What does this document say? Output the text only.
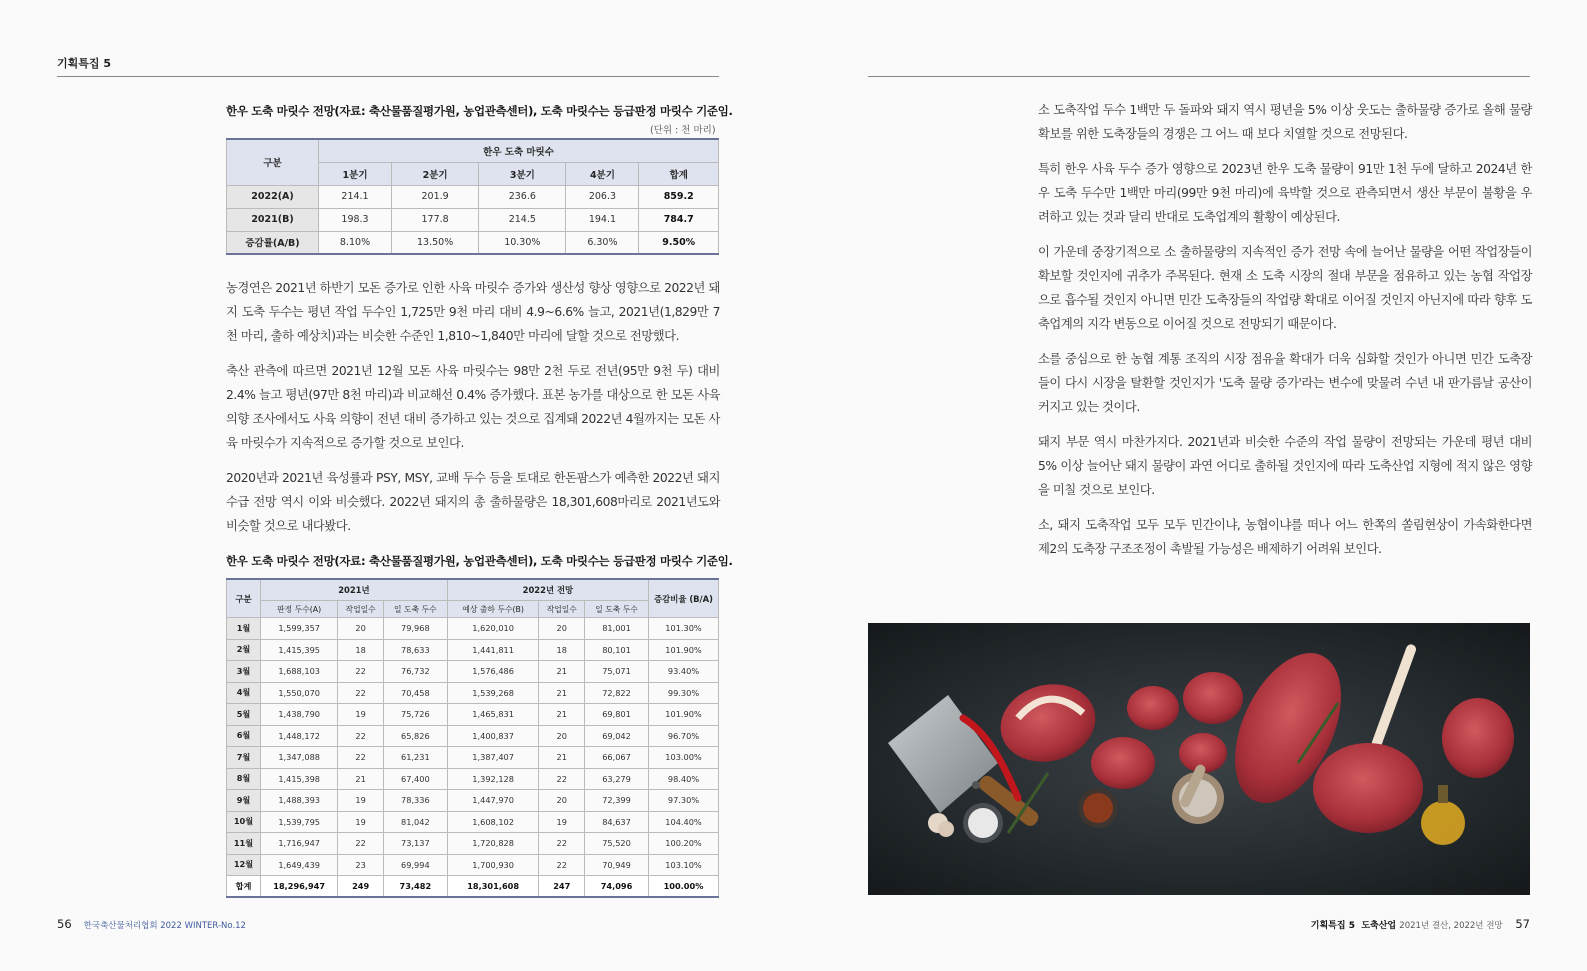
기획특집 5
한우 도축 마릿수 전망(자료: 축산물품질평가원, 농업관측센터), 도축 마릿수는 등급판정 마릿수 기준임.
(단위 : 천 마리)
구분	한우 도축 마릿수				
	1분기	2분기	3분기	4분기	합계
2022(A)	214.1	201.9	236.6	206.3	859.2
2021(B)	198.3	177.8	214.5	194.1	784.7
증감률(A/B)	8.10%	13.50%	10.30%	6.30%	9.50%

농경연은 2021년 하반기 모돈 증가로 인한 사육 마릿수 증가와 생산성 향상 영향으로 2022년 돼지 도축 두수는 평년 작업 두수인 1,725만 9천 마리 대비 4.9~6.6% 늘고, 2021년(1,829만 7천 마리, 출하 예상치)과는 비슷한 수준인 1,810~1,840만 마리에 달할 것으로 전망했다.

축산 관측에 따르면 2021년 12월 모돈 사육 마릿수는 98만 2천 두로 전년(95만 9천 두) 대비 2.4% 늘고 평년(97만 8천 마리)과 비교해선 0.4% 증가했다. 표본 농가를 대상으로 한 모돈 사육 의향 조사에서도 사육 의향이 전년 대비 증가하고 있는 것으로 집계돼 2022년 4월까지는 모돈 사육 마릿수가 지속적으로 증가할 것으로 보인다.

2020년과 2021년 육성률과 PSY, MSY, 교배 두수 등을 토대로 한돈팜스가 예측한 2022년 돼지 수급 전망 역시 이와 비슷했다. 2022년 돼지의 총 출하물량은 18,301,608마리로 2021년도와 비슷할 것으로 내다봤다.

한우 도축 마릿수 전망(자료: 축산물품질평가원, 농업관측센터), 도축 마릿수는 등급판정 마릿수 기준임.
구분	2021년			2022년 전망			증감비율 (B/A)
	판정 두수(A)	작업일수	일 도축 두수	예상 출하 두수(B)	작업일수	일 도축 두수	
1월	1,599,357	20	79,968	1,620,010	20	81,001	101.30%
2월	1,415,395	18	78,633	1,441,811	18	80,101	101.90%
3월	1,688,103	22	76,732	1,576,486	21	75,071	93.40%
4월	1,550,070	22	70,458	1,539,268	21	72,822	99.30%
5월	1,438,790	19	75,726	1,465,831	21	69,801	101.90%
6월	1,448,172	22	65,826	1,400,837	20	69,042	96.70%
7월	1,347,088	22	61,231	1,387,407	21	66,067	103.00%
8월	1,415,398	21	67,400	1,392,128	22	63,279	98.40%
9월	1,488,393	19	78,336	1,447,970	20	72,399	97.30%
10월	1,539,795	19	81,042	1,608,102	19	84,637	104.40%
11월	1,716,947	22	73,137	1,720,828	22	75,520	100.20%
12월	1,649,439	23	69,994	1,700,930	22	70,949	103.10%
합계	18,296,947	249	73,482	18,301,608	247	74,096	100.00%

소 도축작업 두수 1백만 두 돌파와 돼지 역시 평년을 5% 이상 웃도는 출하물량 증가로 올해 물량 확보를 위한 도축장들의 경쟁은 그 어느 때 보다 치열할 것으로 전망된다.

특히 한우 사육 두수 증가 영향으로 2023년 한우 도축 물량이 91만 1천 두에 달하고 2024년 한우 도축 두수만 1백만 마리(99만 9천 마리)에 육박할 것으로 관측되면서 생산 부문이 불황을 우려하고 있는 것과 달리 반대로 도축업계의 활황이 예상된다.

이 가운데 중장기적으로 소 출하물량의 지속적인 증가 전망 속에 늘어난 물량을 어떤 작업장들이 확보할 것인지에 귀추가 주목된다. 현재 소 도축 시장의 절대 부문을 점유하고 있는 농협 작업장으로 흡수될 것인지 아니면 민간 도축장들의 작업량 확대로 이어질 것인지 아닌지에 따라 향후 도축업계의 지각 변동으로 이어질 것으로 전망되기 때문이다.

소를 중심으로 한 농협 계통 조직의 시장 점유율 확대가 더욱 심화할 것인가 아니면 민간 도축장들이 다시 시장을 탈환할 것인지가 '도축 물량 증가'라는 변수에 맞물려 수년 내 판가름날 공산이 커지고 있는 것이다.

돼지 부문 역시 마찬가지다. 2021년과 비슷한 수준의 작업 물량이 전망되는 가운데 평년 대비 5% 이상 늘어난 돼지 물량이 과연 어디로 출하될 것인지에 따라 도축산업 지형에 적지 않은 영향을 미칠 것으로 보인다.

소, 돼지 도축작업 모두 모두 민간이냐, 농협이냐를 떠나 어느 한쪽의 쏠림현상이 가속화한다면 제2의 도축장 구조조정이 촉발될 가능성은 배제하기 어려워 보인다.

56 한국축산물처리협회 2022 WINTER-No.12	기획특집 5 도축산업 2021년 결산, 2022년 전망 57
